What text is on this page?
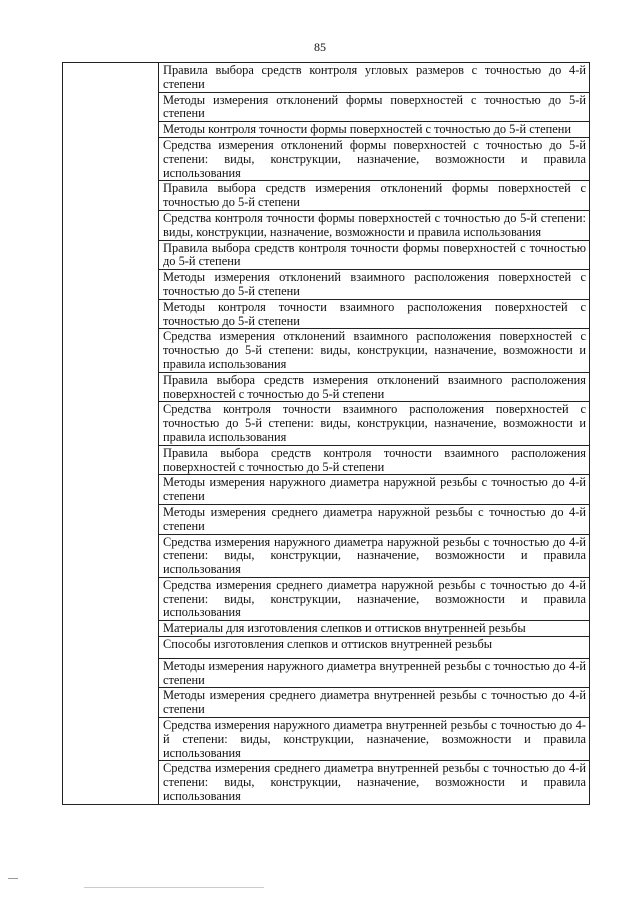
85

Правила выбора средств контроля угловых размеров с точностью до 4-й степени

Методы измерения отклонений формы поверхностей с точностью до 5-й степени

Методы контроля точности формы поверхностей с точностью до 5-й степени

Средства измерения отклонений формы поверхностей с точностью до 5-й степени: виды, конструкции, назначение, возможности и правила использования

Правила выбора средств измерения отклонений формы поверхностей с точностью до 5-й степени

Средства контроля точности формы поверхностей с точностью до 5-й степени: виды, конструкции, назначение, возможности и правила использования

Правила выбора средств контроля точности формы поверхностей с точностью до 5-й степени

Методы измерения отклонений взаимного расположения поверхностей с точностью до 5-й степени

Методы контроля точности взаимного расположения поверхностей с точностью до 5-й степени

Средства измерения отклонений взаимного расположения поверхностей с точностью до 5-й степени: виды, конструкции, назначение, возможности и правила использования

Правила выбора средств измерения отклонений взаимного расположения поверхностей с точностью до 5-й степени

Средства контроля точности взаимного расположения поверхностей с точностью до 5-й степени: виды, конструкции, назначение, возможности и правила использования

Правила выбора средств контроля точности взаимного расположения поверхностей с точностью до 5-й степени

Методы измерения наружного диаметра наружной резьбы с точностью до 4-й степени

Методы измерения среднего диаметра наружной резьбы с точностью до 4-й степени

Средства измерения наружного диаметра наружной резьбы с точностью до 4-й степени: виды, конструкции, назначение, возможности и правила использования

Средства измерения среднего диаметра наружной резьбы с точностью до 4-й степени: виды, конструкции, назначение, возможности и правила использования

Материалы для изготовления слепков и оттисков внутренней резьбы

Способы изготовления слепков и оттисков внутренней резьбы

Методы измерения наружного диаметра внутренней резьбы с точностью до 4-й степени

Методы измерения среднего диаметра внутренней резьбы с точностью до 4-й степени

Средства измерения наружного диаметра внутренней резьбы с точностью до 4-й степени: виды, конструкции, назначение, возможности и правила использования

Средства измерения среднего диаметра внутренней резьбы с точностью до 4-й степени: виды, конструкции, назначение, возможности и правила использования
